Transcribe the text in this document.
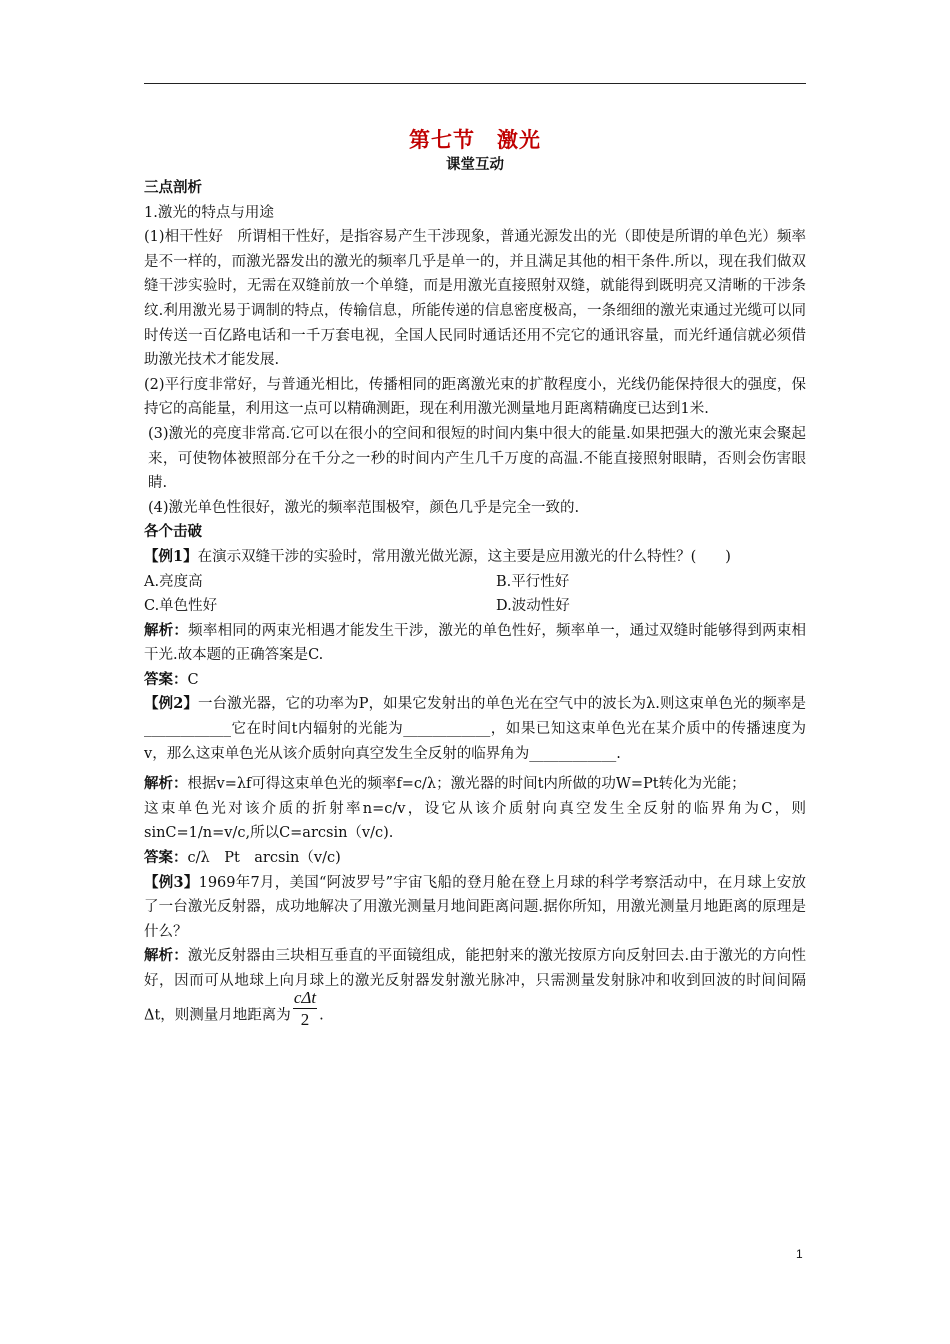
第七节 激光
课堂互动

三点剖析

1.激光的特点与用途

(1)相干性好　所谓相干性好，是指容易产生干涉现象，普通光源发出的光（即使是所谓的单色光）频率是不一样的，而激光器发出的激光的频率几乎是单一的，并且满足其他的相干条件.所以，现在我们做双缝干涉实验时，无需在双缝前放一个单缝，而是用激光直接照射双缝，就能得到既明亮又清晰的干涉条纹.利用激光易于调制的特点，传输信息，所能传递的信息密度极高，一条细细的激光束通过光缆可以同时传送一百亿路电话和一千万套电视，全国人民同时通话还用不完它的通讯容量，而光纤通信就必须借助激光技术才能发展.

(2)平行度非常好，与普通光相比，传播相同的距离激光束的扩散程度小，光线仍能保持很大的强度，保持它的高能量，利用这一点可以精确测距，现在利用激光测量地月距离精确度已达到1米.

(3)激光的亮度非常高.它可以在很小的空间和很短的时间内集中很大的能量.如果把强大的激光束会聚起来，可使物体被照部分在千分之一秒的时间内产生几千万度的高温.不能直接照射眼睛，否则会伤害眼睛.

(4)激光单色性很好，激光的频率范围极窄，颜色几乎是完全一致的.

各个击破

【例1】在演示双缝干涉的实验时，常用激光做光源，这主要是应用激光的什么特性？(　　)

A.亮度高	B.平行性好
C.单色性好	D.波动性好

解析：频率相同的两束光相遇才能发生干涉，激光的单色性好，频率单一，通过双缝时能够得到两束相干光.故本题的正确答案是C.

答案：C

【例2】一台激光器，它的功率为P，如果它发射出的单色光在空气中的波长为λ.则这束单色光的频率是____________它在时间t内辐射的光能为____________，如果已知这束单色光在某介质中的传播速度为v，那么这束单色光从该介质射向真空发生全反射的临界角为____________.

解析：根据v=λf可得这束单色光的频率f=c/λ；激光器的时间t内所做的功W=Pt转化为光能；

这束单色光对该介质的折射率n=c/v，设它从该介质射向真空发生全反射的临界角为C，则sinC=1/n=v/c,所以C=arcsin（v/c).

答案：c/λ　Pt　arcsin（v/c)

【例3】1969年7月，美国“阿波罗号”宇宙飞船的登月舱在登上月球的科学考察活动中，在月球上安放了一台激光反射器，成功地解决了用激光测量月地间距离问题.据你所知，用激光测量月地距离的原理是什么？

解析：激光反射器由三块相互垂直的平面镜组成，能把射来的激光按原方向反射回去.由于激光的方向性好，因而可从地球上向月球上的激光反射器发射激光脉冲，只需测量发射脉冲和收到回波的时间间隔Δt，则测量月地距离为 $\frac{\text{cΔt}}{2}$ .

1
